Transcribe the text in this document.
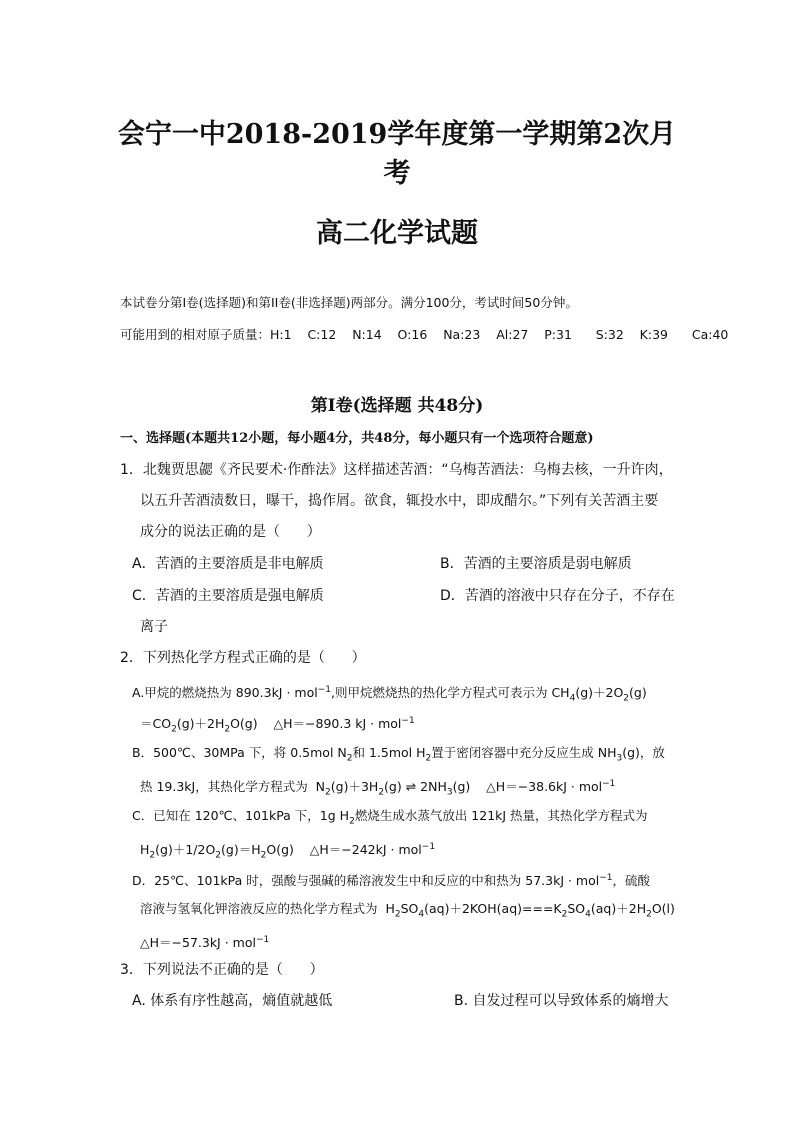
会宁一中2018-2019学年度第一学期第2次月
考
高二化学试题
本试卷分第I卷(选择题)和第II卷(非选择题)两部分。满分100分，考试时间50分钟。
可能用到的相对原子质量：H:1    C:12    N:14    O:16    Na:23    Al:27    P:31      S:32    K:39      Ca:40
第I卷(选择题 共48分)
一、选择题(本题共12小题，每小题4分，共48分，每小题只有一个选项符合题意)
1．北魏贾思勰《齐民要术·作酢法》这样描述苦酒：“乌梅苦酒法：乌梅去核，一升许肉，
以五升苦酒渍数日，曝干，捣作屑。欲食，辄投水中，即成醋尔。”下列有关苦酒主要
成分的说法正确的是（      ）
A．苦酒的主要溶质是非电解质	B．苦酒的主要溶质是弱电解质
C．苦酒的主要溶质是强电解质	D．苦酒的溶液中只存在分子，不存在
离子
2．下列热化学方程式正确的是（      ）
A.甲烷的燃烧热为 890.3kJ · mol$^{-1}$,则甲烷燃烧热的热化学方程式可表示为 $CH_4(g)+2O_2(g)$
$=CO_2(g)+2H_2O(g)$    △H＝−890.3 kJ · mol$^{-1}$
B．500℃、30MPa 下，将 0.5mol $N_2$和 1.5mol $H_2$置于密闭容器中充分反应生成 $NH_3(g)$，放
热 19.3kJ，其热化学方程式为  $N_2(g)+3H_2(g)$ ⇌ $2NH_3(g)$    △H＝−38.6kJ · mol$^{-1}$
C．已知在 120℃、101kPa 下，1g $H_2$燃烧生成水蒸气放出 121kJ 热量，其热化学方程式为
$H_2(g)+1/2O_2(g)=H_2O(g)$    △H＝−242kJ · mol$^{-1}$
D．25℃、101kPa 时，强酸与强碱的稀溶液发生中和反应的中和热为 57.3kJ · mol$^{-1}$，硫酸
溶液与氢氧化钾溶液反应的热化学方程式为  $H_2SO_4(aq)+2KOH(aq)===K_2SO_4(aq)+2H_2O(l)$
△H＝−57.3kJ · mol$^{-1}$
3．下列说法不正确的是（      ）
A. 体系有序性越高，熵值就越低	B. 自发过程可以导致体系的熵增大
